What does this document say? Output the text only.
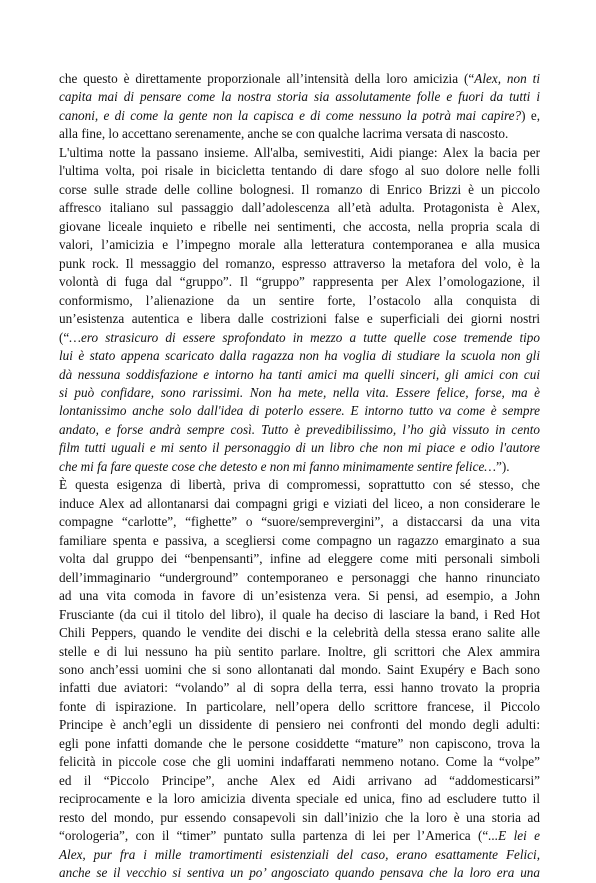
che questo è direttamente proporzionale all’intensità della loro amicizia (“Alex, non ti
capita mai di pensare come la nostra storia sia assolutamente folle e fuori da tutti i
canoni, e di come la gente non la capisca e di come nessuno la potrà mai capire?) e,
alla fine, lo accettano serenamente, anche se con qualche lacrima versata di nascosto.
L'ultima notte la passano insieme. All'alba, semivestiti, Aidi piange: Alex la bacia per
l'ultima volta, poi risale in bicicletta tentando di dare sfogo al suo dolore nelle folli
corse sulle strade delle colline bolognesi. Il romanzo di Enrico Brizzi è un piccolo
affresco italiano sul passaggio dall’adolescenza all’età adulta. Protagonista è Alex,
giovane liceale inquieto e ribelle nei sentimenti, che accosta, nella propria scala di
valori, l’amicizia e l’impegno morale alla letteratura contemporanea e alla musica
punk rock. Il messaggio del romanzo, espresso attraverso la metafora del volo, è la
volontà di fuga dal “gruppo”. Il “gruppo” rappresenta per Alex l’omologazione, il
conformismo, l’alienazione da un sentire forte, l’ostacolo alla conquista di
un’esistenza autentica e libera dalle costrizioni false e superficiali dei giorni nostri
(“…ero strasicuro di essere sprofondato in mezzo a tutte quelle cose tremende tipo
lui è stato appena scaricato dalla ragazza non ha voglia di studiare la scuola non gli
dà nessuna soddisfazione e intorno ha tanti amici ma quelli sinceri, gli amici con cui
si può confidare, sono rarissimi. Non ha mete, nella vita. Essere felice, forse, ma è
lontanissimo anche solo dall'idea di poterlo essere. E intorno tutto va come è sempre
andato, e forse andrà sempre così. Tutto è prevedibilissimo, l’ho già vissuto in cento
film tutti uguali e mi sento il personaggio di un libro che non mi piace e odio l'autore
che mi fa fare queste cose che detesto e non mi fanno minimamente sentire felice…”).
È questa esigenza di libertà, priva di compromessi, soprattutto con sé stesso, che
induce Alex ad allontanarsi dai compagni grigi e viziati del liceo, a non considerare le
compagne “carlotte”, “fighette” o “suore/semprevergini”, a distaccarsi da una vita
familiare spenta e passiva, a scegliersi come compagno un ragazzo emarginato a sua
volta dal gruppo dei “benpensanti”, infine ad eleggere come miti personali simboli
dell’immaginario “underground” contemporaneo e personaggi che hanno rinunciato
ad una vita comoda in favore di un’esistenza vera. Si pensi, ad esempio, a John
Frusciante (da cui il titolo del libro), il quale ha deciso di lasciare la band, i Red Hot
Chili Peppers, quando le vendite dei dischi e la celebrità della stessa erano salite alle
stelle e di lui nessuno ha più sentito parlare. Inoltre, gli scrittori che Alex ammira
sono anch’essi uomini che si sono allontanati dal mondo. Saint Exupéry e Bach sono
infatti due aviatori: “volando” al di sopra della terra, essi hanno trovato la propria
fonte di ispirazione. In particolare, nell’opera dello scrittore francese, il Piccolo
Principe è anch’egli un dissidente di pensiero nei confronti del mondo degli adulti:
egli pone infatti domande che le persone cosiddette “mature” non capiscono, trova la
felicità in piccole cose che gli uomini indaffarati nemmeno notano. Come la “volpe”
ed il “Piccolo Principe”, anche Alex ed Aidi arrivano ad “addomesticarsi”
reciprocamente e la loro amicizia diventa speciale ed unica, fino ad escludere tutto il
resto del mondo, pur essendo consapevoli sin dall’inizio che la loro è una storia ad
“orologeria”, con il “timer” puntato sulla partenza di lei per l’America (“...E lei e
Alex, pur fra i mille tramortimenti esistenziali del caso, erano esattamente Felici,
anche se il vecchio si sentiva un po’ angosciato quando pensava che la loro era una
